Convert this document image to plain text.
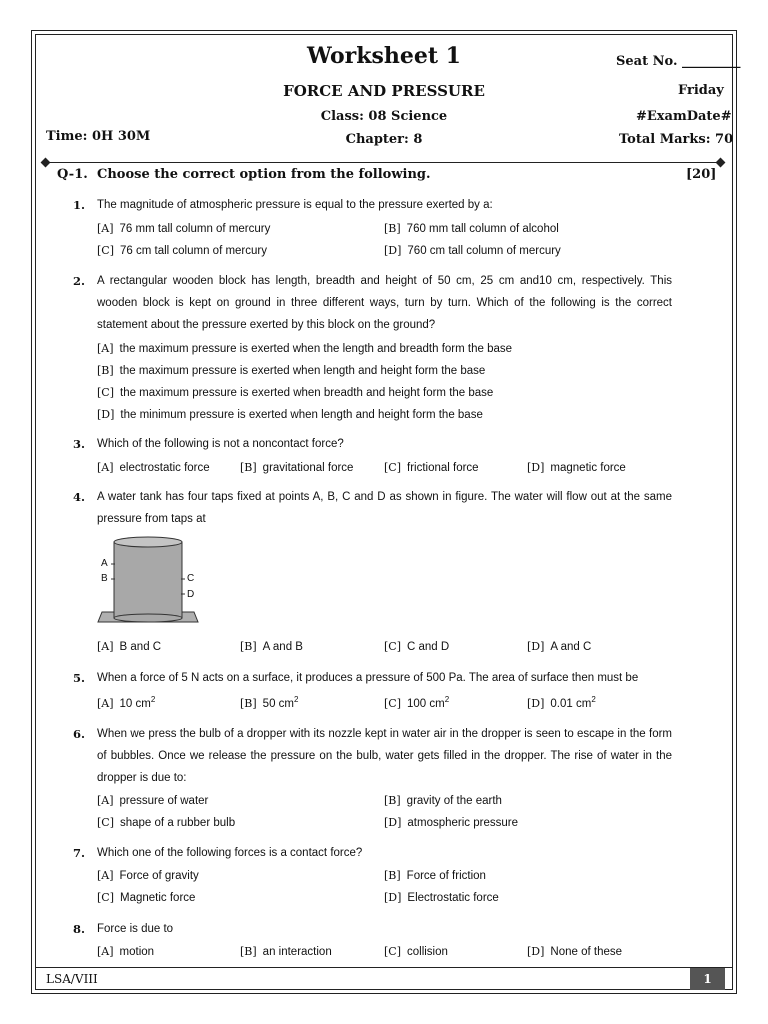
Worksheet 1	Seat No. _________
FORCE AND PRESSURE	Friday
Class: 08 Science	#ExamDate#
Time: 0H 30M	Chapter: 8	Total Marks: 70
Q-1. Choose the correct option from the following.	[20]
1. The magnitude of atmospheric pressure is equal to the pressure exerted by a:
[A] 76 mm tall column of mercury	[B] 760 mm tall column of alcohol
[C] 76 cm tall column of mercury	[D] 760 cm tall column of mercury
2. A rectangular wooden block has length, breadth and height of 50 cm, 25 cm and10 cm, respectively. This wooden block is kept on ground in three different ways, turn by turn. Which of the following is the correct statement about the pressure exerted by this block on the ground?
[A] the maximum pressure is exerted when the length and breadth form the base
[B] the maximum pressure is exerted when length and height form the base
[C] the maximum pressure is exerted when breadth and height form the base
[D] the minimum pressure is exerted when length and height form the base
3. Which of the following is not a noncontact force?
[A] electrostatic force	[B] gravitational force	[C] frictional force	[D] magnetic force
4. A water tank has four taps fixed at points A, B, C and D as shown in figure. The water will flow out at the same pressure from taps at
A
B	C
D
[A] B and C	[B] A and B	[C] C and D	[D] A and C
5. When a force of 5 N acts on a surface, it produces a pressure of 500 Pa. The area of surface then must be
[A] 10 $cm^2$	[B] 50 $cm^2$	[C] 100 $cm^2$	[D] 0.01 $cm^2$
6. When we press the bulb of a dropper with its nozzle kept in water air in the dropper is seen to escape in the form of bubbles. Once we release the pressure on the bulb, water gets filled in the dropper. The rise of water in the dropper is due to:
[A] pressure of water	[B] gravity of the earth
[C] shape of a rubber bulb	[D] atmospheric pressure
7. Which one of the following forces is a contact force?
[A] Force of gravity	[B] Force of friction
[C] Magnetic force	[D] Electrostatic force
8. Force is due to
[A] motion	[B] an interaction	[C] collision	[D] None of these
LSA/VIII	1
